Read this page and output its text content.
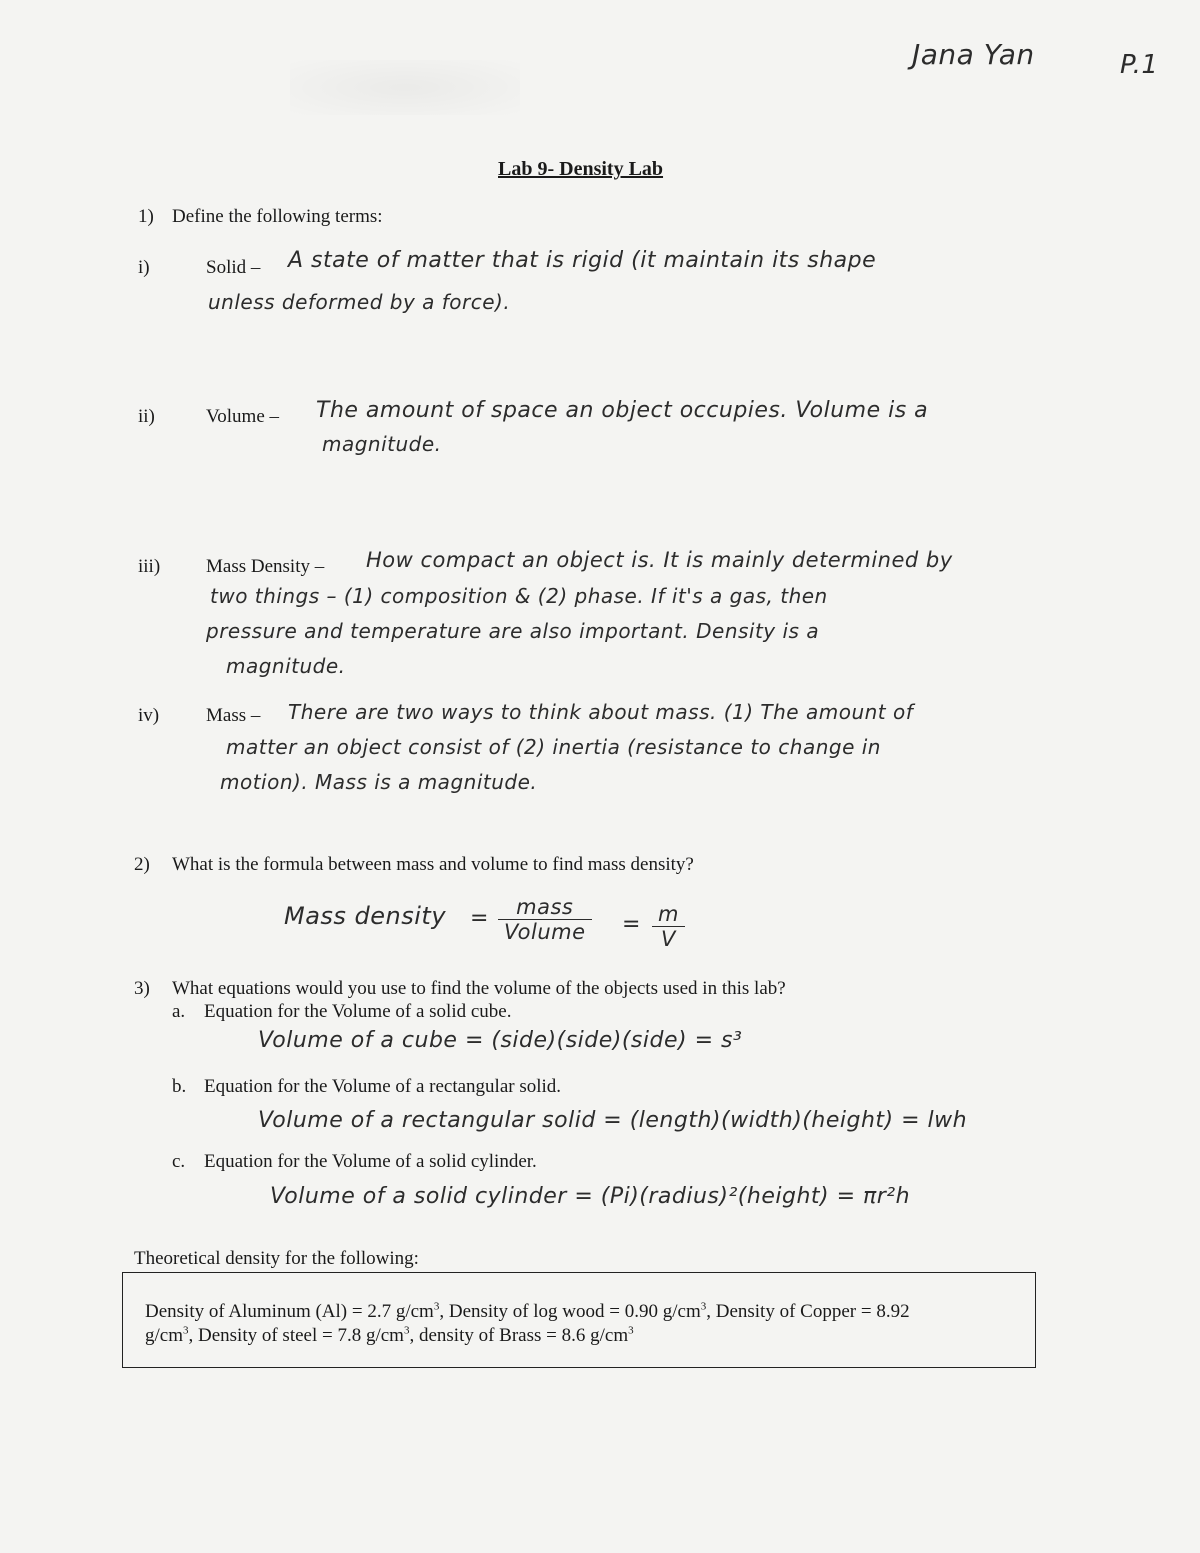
Jana Yan	P.1
Lab 9- Density Lab
1) Define the following terms:
i)	Solid – A state of matter that is rigid (it maintain its shape
unless deformed by a force).
ii)	Volume – The amount of space an object occupies. Volume is a
magnitude.
iii) Mass Density – How compact an object is. It is mainly determined by
two things – (1) composition & (2) phase. If it's a gas, then
pressure and temperature are also important. Density is a
magnitude.
iv) Mass – There are two ways to think about mass. (1) The amount of
matter an object consist of (2) inertia (resistance to change in
motion). Mass is a magnitude.
2) What is the formula between mass and volume to find mass density?
Mass density =	mass
Volume = $\frac{m}{V}$
3) What equations would you use to find the volume of the objects used in this lab?
a. Equation for the Volume of a solid cube.
Volume of a cube = (side)(side)(side) = s³
b. Equation for the Volume of a rectangular solid.
Volume of a rectangular solid = (length)(width)(height) = lwh
c. Equation for the Volume of a solid cylinder.
Volume of a solid cylinder = (Pi)(radius)²(height) = πr²h
Theoretical density for the following:
Density of Aluminum (Al) = 2.7 $g/cm^3$, Density of log wood = 0.90 $g/cm^3$, Density of Copper = 8.92
$g/cm^3$, Density of steel = 7.8 $g/cm^3$, density of Brass = 8.6 $g/cm^3$
